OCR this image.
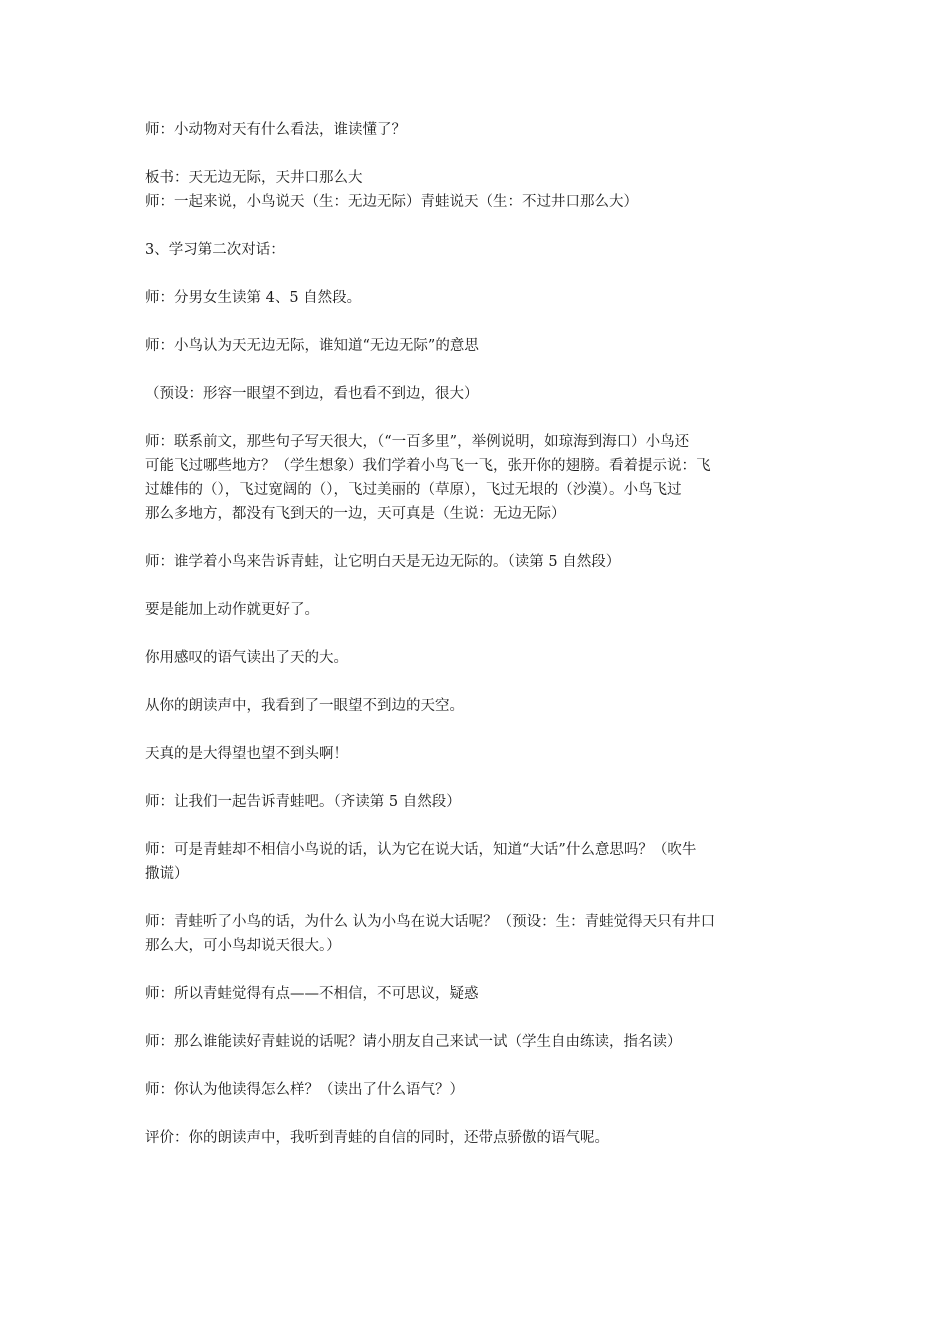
师：小动物对天有什么看法，谁读懂了？
板书：天无边无际，天井口那么大
师：一起来说，小鸟说天（生：无边无际）青蛙说天（生：不过井口那么大）
3、学习第二次对话：
师：分男女生读第 4、5 自然段。
师：小鸟认为天无边无际，谁知道“无边无际”的意思
（预设：形容一眼望不到边，看也看不到边，很大）
师：联系前文，那些句子写天很大，（“一百多里”，举例说明，如琼海到海口）小鸟还
可能飞过哪些地方？（学生想象）我们学着小鸟飞一飞，张开你的翅膀。看着提示说：飞
过雄伟的（），飞过宽阔的（），飞过美丽的（草原），飞过无垠的（沙漠）。小鸟飞过
那么多地方，都没有飞到天的一边，天可真是（生说：无边无际）
师：谁学着小鸟来告诉青蛙，让它明白天是无边无际的。（读第 5 自然段）
要是能加上动作就更好了。
你用感叹的语气读出了天的大。
从你的朗读声中，我看到了一眼望不到边的天空。
天真的是大得望也望不到头啊！
师：让我们一起告诉青蛙吧。（齐读第 5 自然段）
师：可是青蛙却不相信小鸟说的话，认为它在说大话，知道“大话”什么意思吗？（吹牛
撒谎）
师：青蛙听了小鸟的话，为什么 认为小鸟在说大话呢？（预设：生：青蛙觉得天只有井口
那么大，可小鸟却说天很大。）
师：所以青蛙觉得有点——不相信，不可思议，疑惑
师：那么谁能读好青蛙说的话呢？请小朋友自己来试一试（学生自由练读，指名读）
师：你认为他读得怎么样？（读出了什么语气？）
评价：你的朗读声中，我听到青蛙的自信的同时，还带点骄傲的语气呢。
